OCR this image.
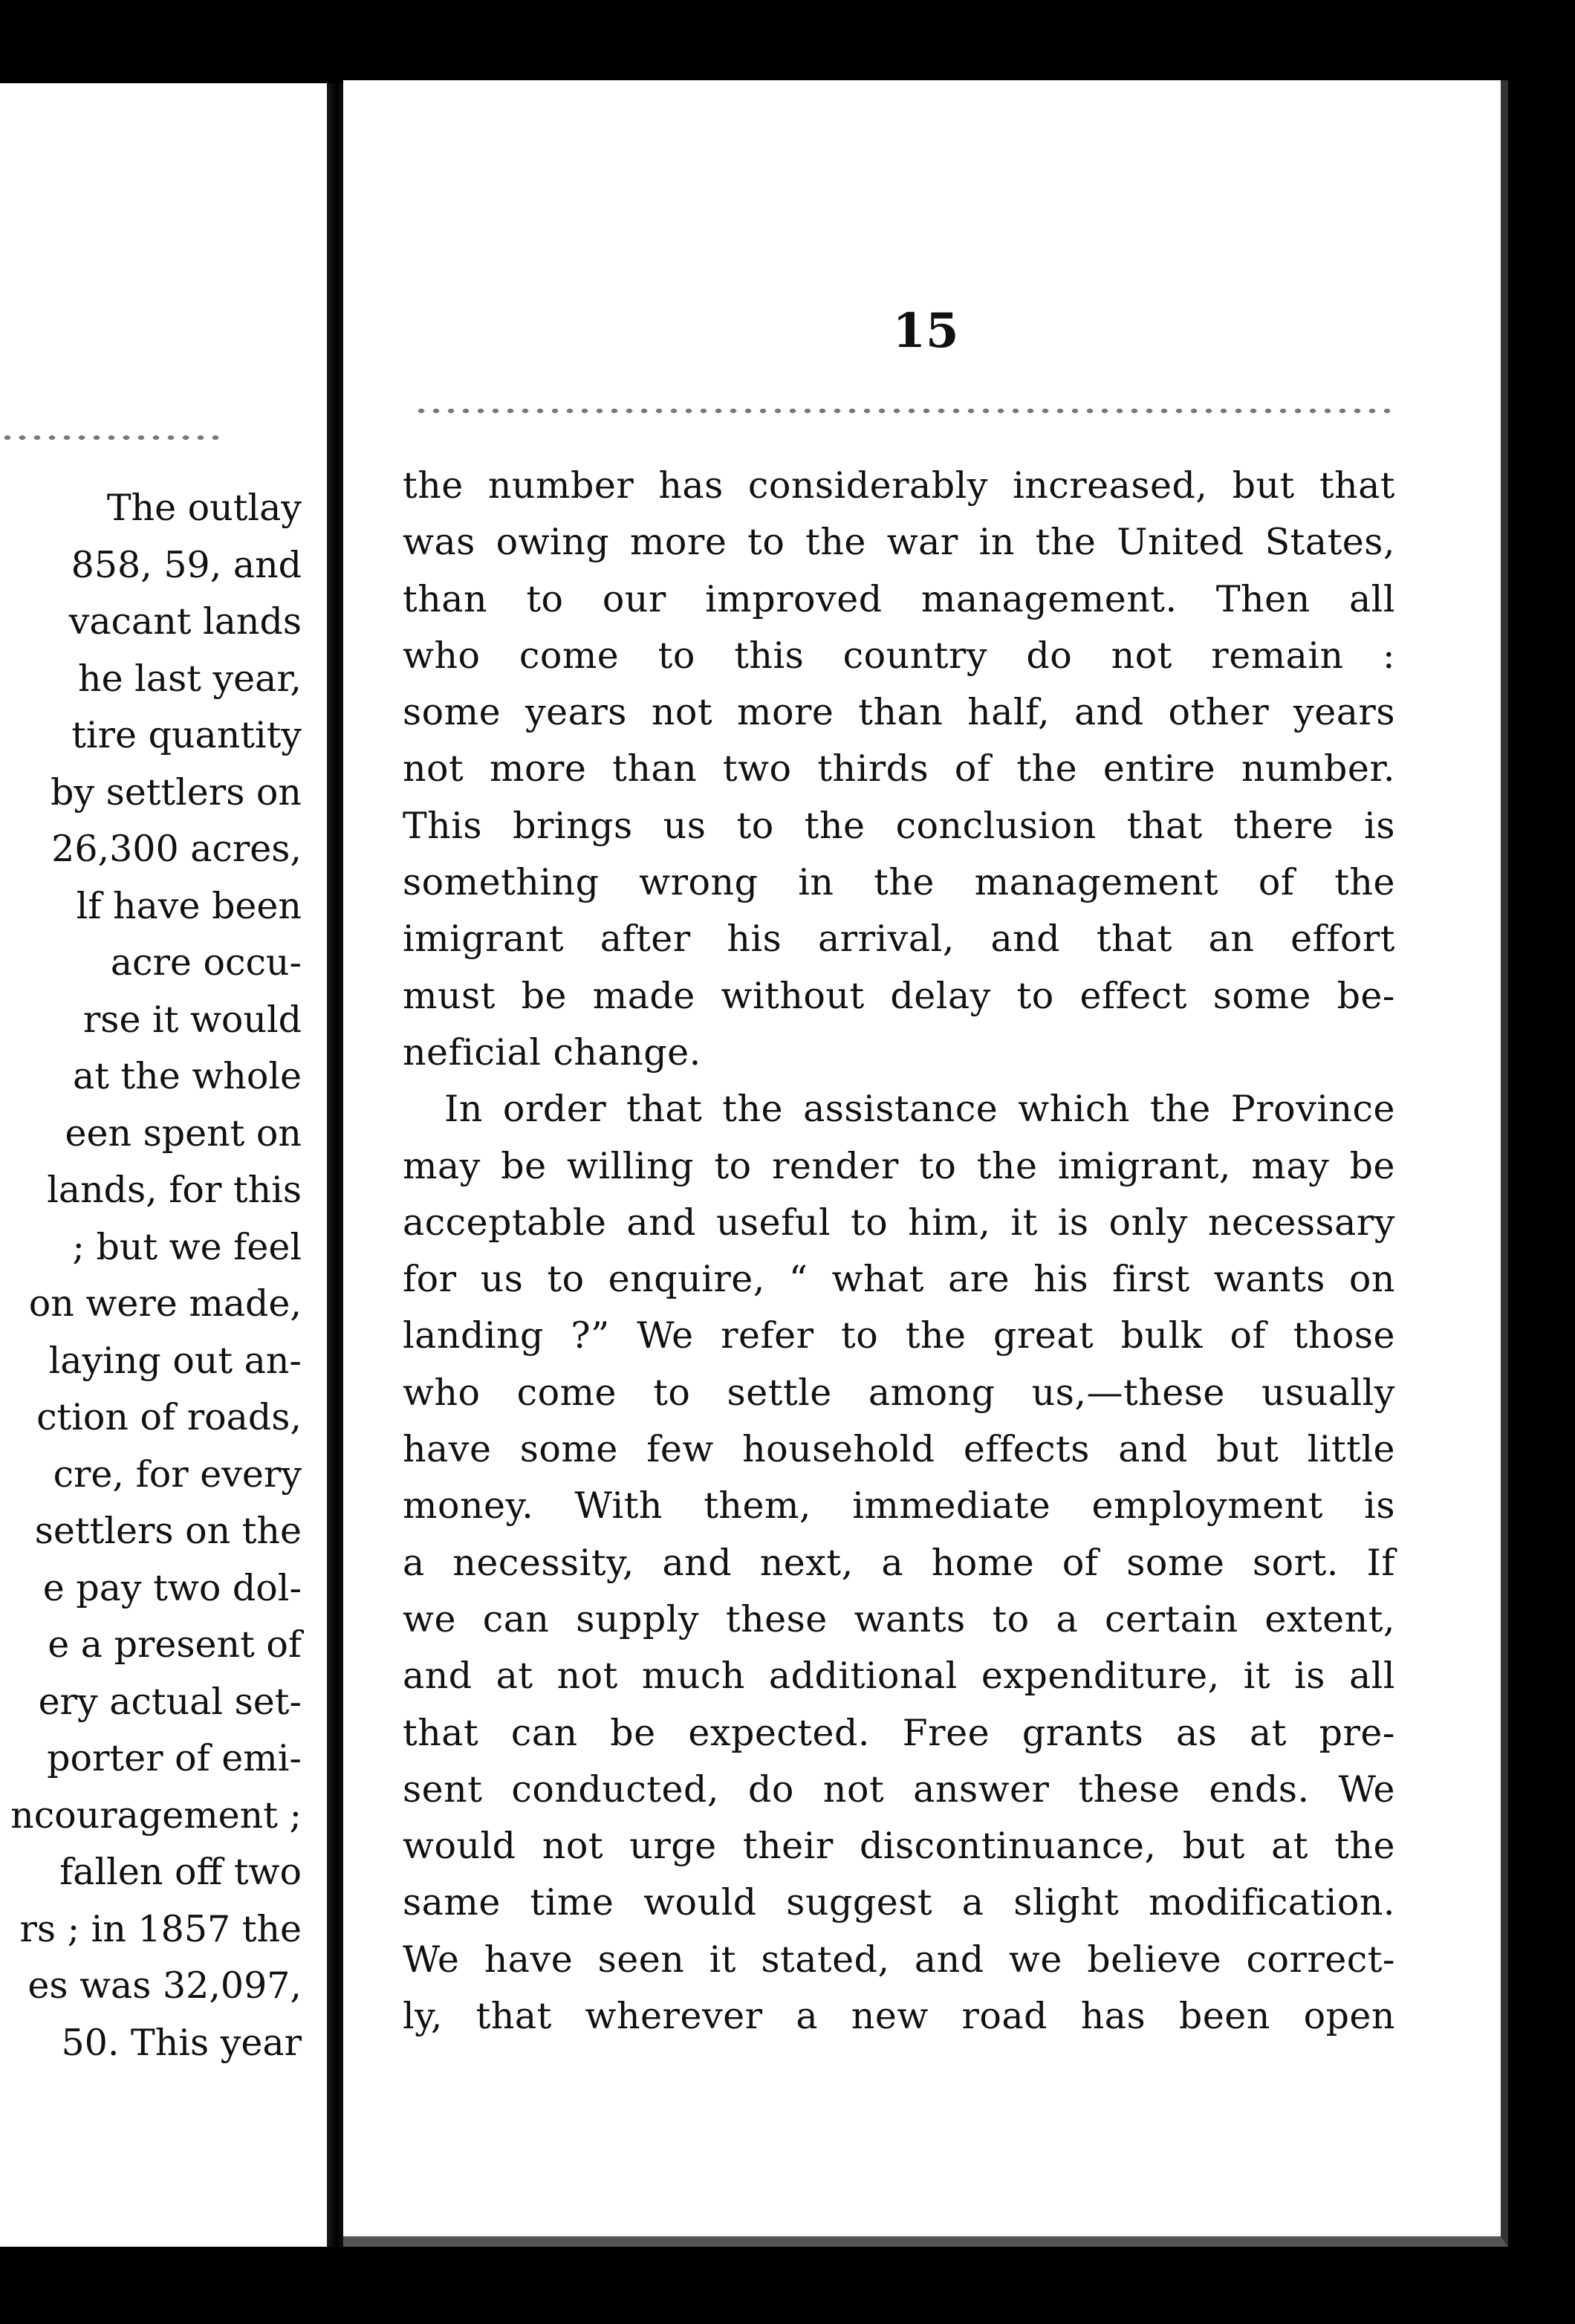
The outlay
858, 59, and
vacant lands
he last year,
tire quantity
by settlers on
26,300 acres,
lf have been
acre occu-
rse it would
at the whole
een spent on
lands, for this
; but we feel
on were made,
laying out an-
ction of roads,
cre, for every
settlers on the
e pay two dol-
e a present of
ery actual set-
porter of emi-
ncouragement ;
fallen off two
rs ; in 1857 the
es was 32,097,
50. This year
15
the number has considerably increased, but that
was owing more to the war in the United States,
than to our improved management. Then all
who come to this country do not remain :
some years not more than half, and other years
not more than two thirds of the entire number.
This brings us to the conclusion that there is
something wrong in the management of the
imigrant after his arrival, and that an effort
must be made without delay to effect some be-
neficial change.
In order that the assistance which the Province
may be willing to render to the imigrant, may be
acceptable and useful to him, it is only necessary
for us to enquire, “ what are his first wants on
landing ?” We refer to the great bulk of those
who come to settle among us,—these usually
have some few household effects and but little
money. With them, immediate employment is
a necessity, and next, a home of some sort. If
we can supply these wants to a certain extent,
and at not much additional expenditure, it is all
that can be expected. Free grants as at pre-
sent conducted, do not answer these ends. We
would not urge their discontinuance, but at the
same time would suggest a slight modification.
We have seen it stated, and we believe correct-
ly, that wherever a new road has been open
